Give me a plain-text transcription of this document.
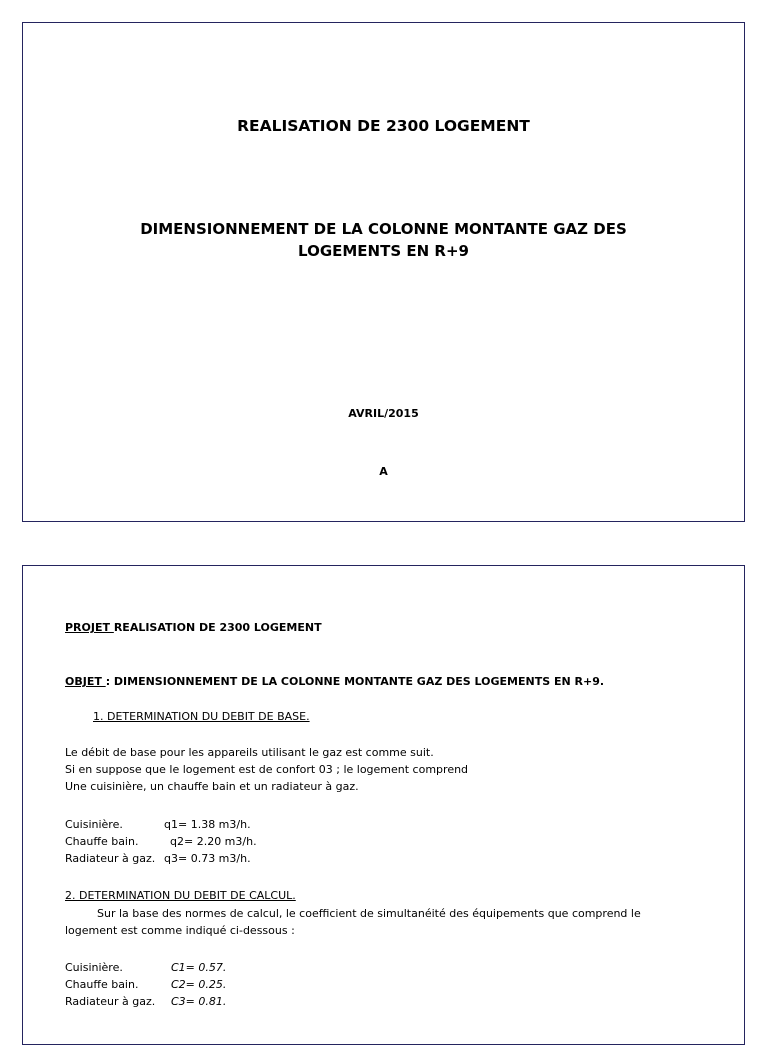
REALISATION DE 2300 LOGEMENT
DIMENSIONNEMENT DE LA COLONNE MONTANTE GAZ DES
LOGEMENTS EN R+9
AVRIL/2015
A
PROJET REALISATION DE 2300 LOGEMENT
OBJET : DIMENSIONNEMENT DE LA COLONNE MONTANTE GAZ DES LOGEMENTS EN R+9.
1. DETERMINATION DU DEBIT DE BASE.
Le débit de base pour les appareils utilisant le gaz est comme suit.
Si en suppose que le logement est de confort 03 ; le logement comprend
Une cuisinière, un chauffe bain et un radiateur à gaz.
Cuisinière.	q1= 1.38 m3/h.
Chauffe bain.	q2= 2.20 m3/h.
Radiateur à gaz. q3= 0.73 m3/h.
2. DETERMINATION DU DEBIT DE CALCUL.
Sur la base des normes de calcul, le coefficient de simultanéité des équipements que comprend le
logement est comme indiqué ci-dessous :
Cuisinière.	C1= 0.57.
Chauffe bain.	C2= 0.25.
Radiateur à gaz.	C3= 0.81.
